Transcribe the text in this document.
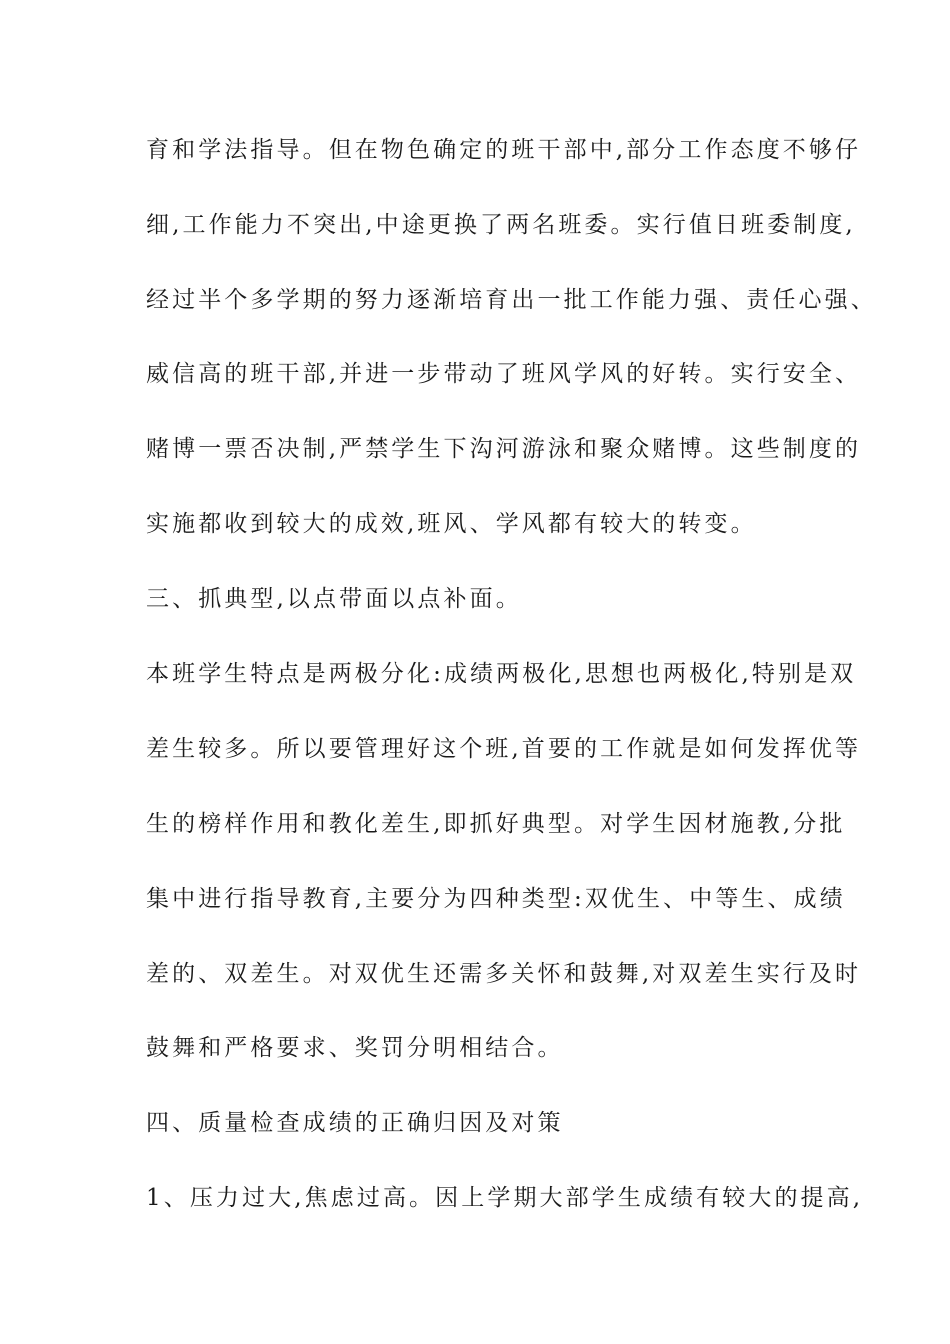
育和学法指导。但在物色确定的班干部中,部分工作态度不够仔
细,工作能力不突出,中途更换了两名班委。实行值日班委制度,
经过半个多学期的努力逐渐培育出一批工作能力强、责任心强、
威信高的班干部,并进一步带动了班风学风的好转。实行安全、
赌博一票否决制,严禁学生下沟河游泳和聚众赌博。这些制度的
实施都收到较大的成效,班风、学风都有较大的转变。
三、抓典型,以点带面以点补面。
本班学生特点是两极分化:成绩两极化,思想也两极化,特别是双
差生较多。所以要管理好这个班,首要的工作就是如何发挥优等
生的榜样作用和教化差生,即抓好典型。对学生因材施教,分批
集中进行指导教育,主要分为四种类型:双优生、中等生、成绩
差的、双差生。对双优生还需多关怀和鼓舞,对双差生实行及时
鼓舞和严格要求、奖罚分明相结合。
四、质量检查成绩的正确归因及对策
1、压力过大,焦虑过高。因上学期大部学生成绩有较大的提高,
